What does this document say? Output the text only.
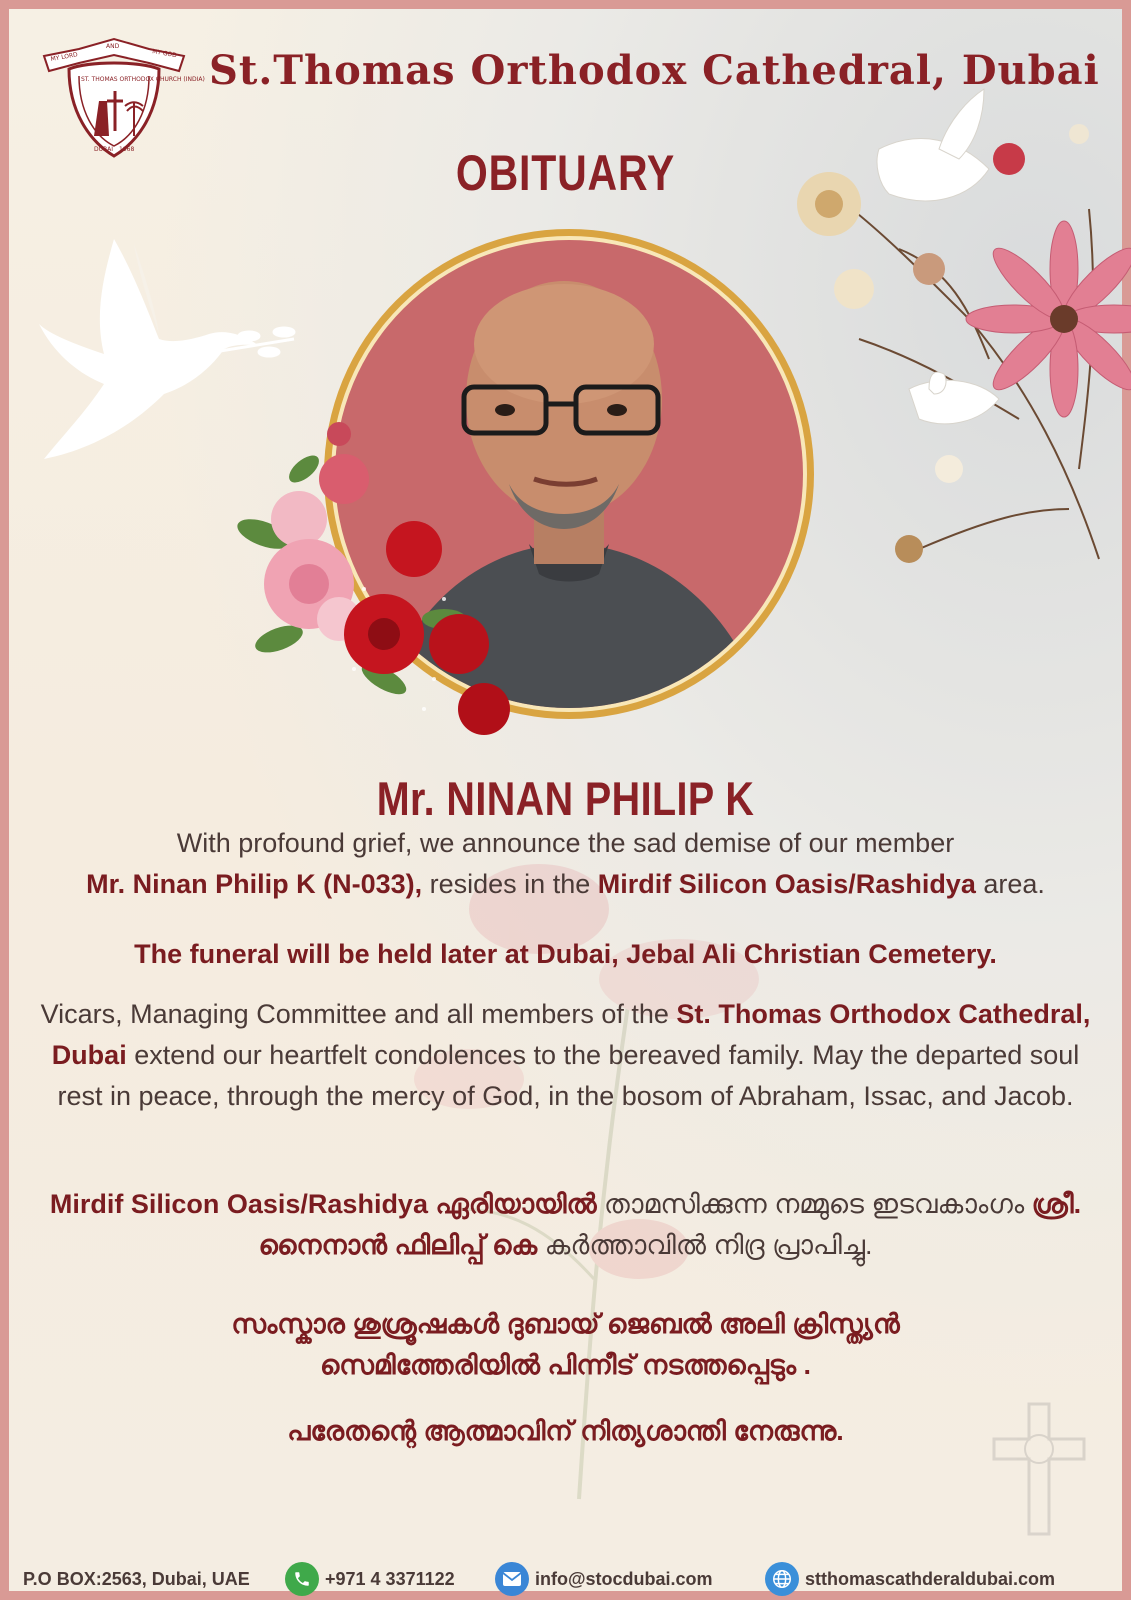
MY LORD
AND
MY GOD
ST. THOMAS ORTHODOX CHURCH (INDIA)
DUBAI 1968
St.Thomas Orthodox Cathedral, Dubai
OBITUARY
Mr. NINAN PHILIP K
With profound grief, we announce the sad demise of our member
Mr. Ninan Philip K (N-033), resides in the Mirdif Silicon Oasis/Rashidya area.
The funeral will be held later at Dubai, Jebal Ali Christian Cemetery.
Vicars, Managing Committee and all members of the St. Thomas Orthodox Cathedral, Dubai extend our heartfelt condolences to the bereaved family. May the departed soul rest in peace, through the mercy of God, in the bosom of Abraham, Issac, and Jacob.
Mirdif Silicon Oasis/Rashidya ഏരിയായിൽ താമസിക്കുന്ന നമ്മുടെ ഇടവകാംഗം ശ്രീ. നൈനാൻ ഫിലിപ്പ് കെ കർത്താവിൽ നിദ്ര പ്രാപിച്ചു.
സംസ്കാര ശുശ്രൂഷകൾ ദുബായ് ജെബൽ അലി ക്രിസ്ത്യൻ
സെമിത്തേരിയിൽ പിന്നീട് നടത്തപ്പെടും .
പരേതന്റെ ആത്മാവിന് നിത്യശാന്തി നേരുന്നു.
P.O BOX:2563, Dubai, UAE	+971 4 3371122	info@stocdubai.com	stthomascathderaldubai.com
